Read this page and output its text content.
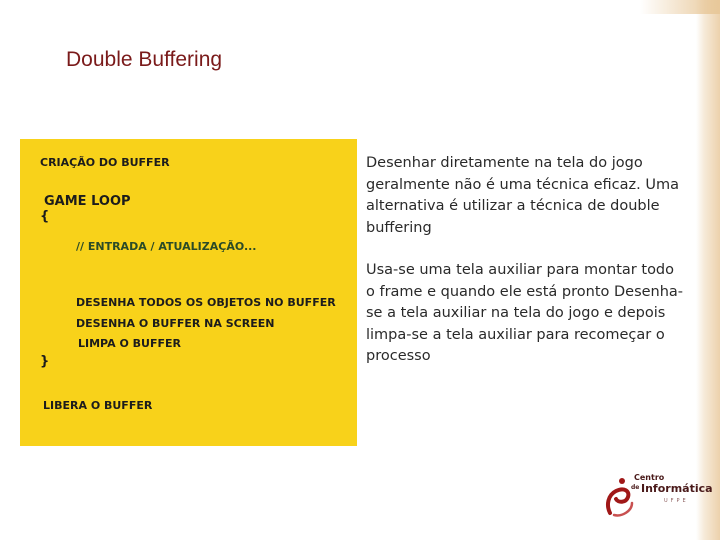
Double Buffering
CRIAÇÃO DO BUFFER
GAME LOOP
{
// ENTRADA / ATUALIZAÇÃO...
DESENHA TODOS OS OBJETOS NO BUFFER
DESENHA O BUFFER NA SCREEN
LIMPA O BUFFER
}
LIBERA O BUFFER

Desenhar diretamente na tela do jogo geralmente não é uma técnica eficaz. Uma alternativa é utilizar a técnica de double buffering

Usa-se uma tela auxiliar para montar todo o frame e quando ele está pronto Desenha-se a tela auxiliar na tela do jogo e depois limpa-se a tela auxiliar para recomeçar o processo

Centro
de Informática
UFPE
